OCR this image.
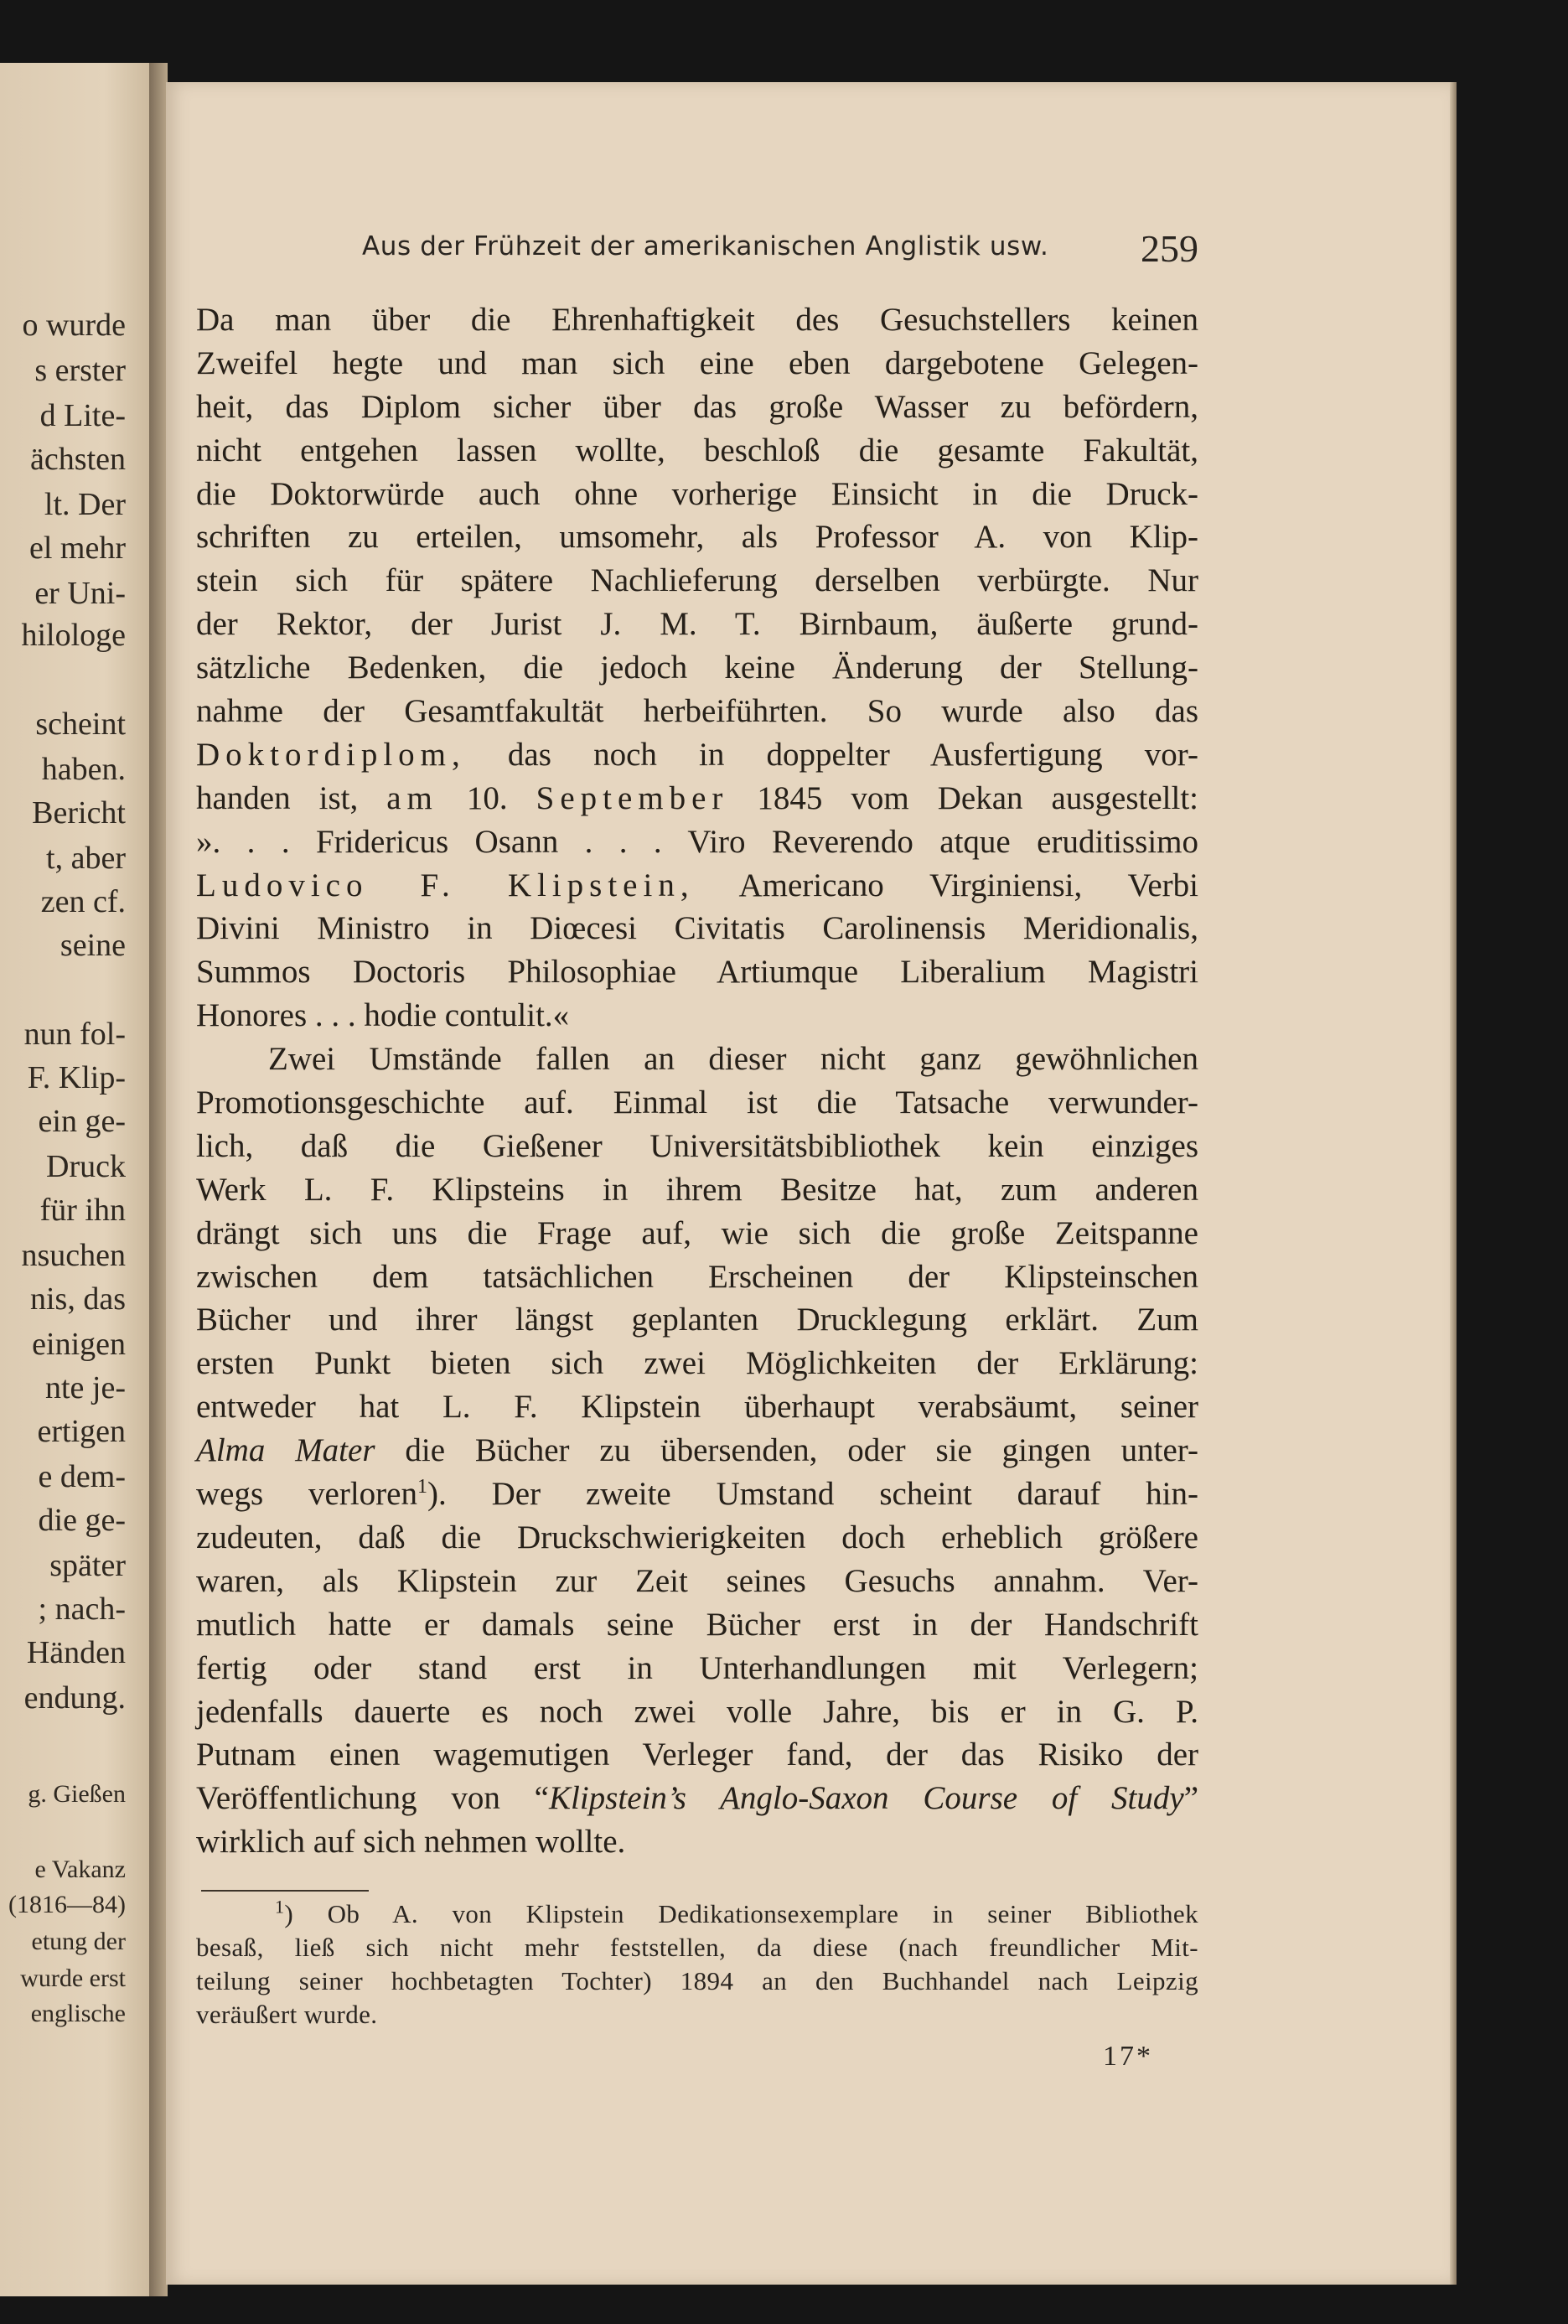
o wurde
s erster
d Lite-
ächsten
lt. Der
el mehr
er Uni-
hilologe
scheint
haben.
Bericht
t, aber
zen cf.
seine
nun fol-
F. Klip-
ein ge-
Druck
für ihn
nsuchen
nis, das
einigen
nte je-
ertigen
e dem-
die ge-
später
; nach-
Händen
endung.
g. Gießen
e Vakanz
(1816—84)
etung der
wurde erst
englische
Aus der Frühzeit der amerikanischen Anglistik usw. 259
Da man über die Ehrenhaftigkeit des Gesuchstellers keinen
Zweifel hegte und man sich eine eben dargebotene Gelegen-
heit, das Diplom sicher über das große Wasser zu befördern,
nicht entgehen lassen wollte, beschloß die gesamte Fakultät,
die Doktorwürde auch ohne vorherige Einsicht in die Druck-
schriften zu erteilen, umsomehr, als Professor A. von Klip-
stein sich für spätere Nachlieferung derselben verbürgte. Nur
der Rektor, der Jurist J. M. T. Birnbaum, äußerte grund-
sätzliche Bedenken, die jedoch keine Änderung der Stellung-
nahme der Gesamtfakultät herbeiführten. So wurde also das
Doktordiplom, das noch in doppelter Ausfertigung vor-
handen ist, am 10. September 1845 vom Dekan ausgestellt:
». . . Fridericus Osann . . . Viro Reverendo atque eruditissimo
Ludovico F. Klipstein, Americano Virginiensi, Verbi
Divini Ministro in Diœcesi Civitatis Carolinensis Meridionalis,
Summos Doctoris Philosophiae Artiumque Liberalium Magistri
Honores . . . hodie contulit.«
Zwei Umstände fallen an dieser nicht ganz gewöhnlichen
Promotionsgeschichte auf. Einmal ist die Tatsache verwunder-
lich, daß die Gießener Universitätsbibliothek kein einziges
Werk L. F. Klipsteins in ihrem Besitze hat, zum anderen
drängt sich uns die Frage auf, wie sich die große Zeitspanne
zwischen dem tatsächlichen Erscheinen der Klipsteinschen
Bücher und ihrer längst geplanten Drucklegung erklärt. Zum
ersten Punkt bieten sich zwei Möglichkeiten der Erklärung:
entweder hat L. F. Klipstein überhaupt verabsäumt, seiner
Alma Mater die Bücher zu übersenden, oder sie gingen unter-
wegs verloren$^1$). Der zweite Umstand scheint darauf hin-
zudeuten, daß die Druckschwierigkeiten doch erheblich größere
waren, als Klipstein zur Zeit seines Gesuchs annahm. Ver-
mutlich hatte er damals seine Bücher erst in der Handschrift
fertig oder stand erst in Unterhandlungen mit Verlegern;
jedenfalls dauerte es noch zwei volle Jahre, bis er in G. P.
Putnam einen wagemutigen Verleger fand, der das Risiko der
Veröffentlichung von “Klipstein’s Anglo-Saxon Course of Study”
wirklich auf sich nehmen wollte.
$^1$) Ob A. von Klipstein Dedikationsexemplare in seiner Bibliothek
besaß, ließ sich nicht mehr feststellen, da diese (nach freundlicher Mit-
teilung seiner hochbetagten Tochter) 1894 an den Buchhandel nach Leipzig
veräußert wurde.
17*
